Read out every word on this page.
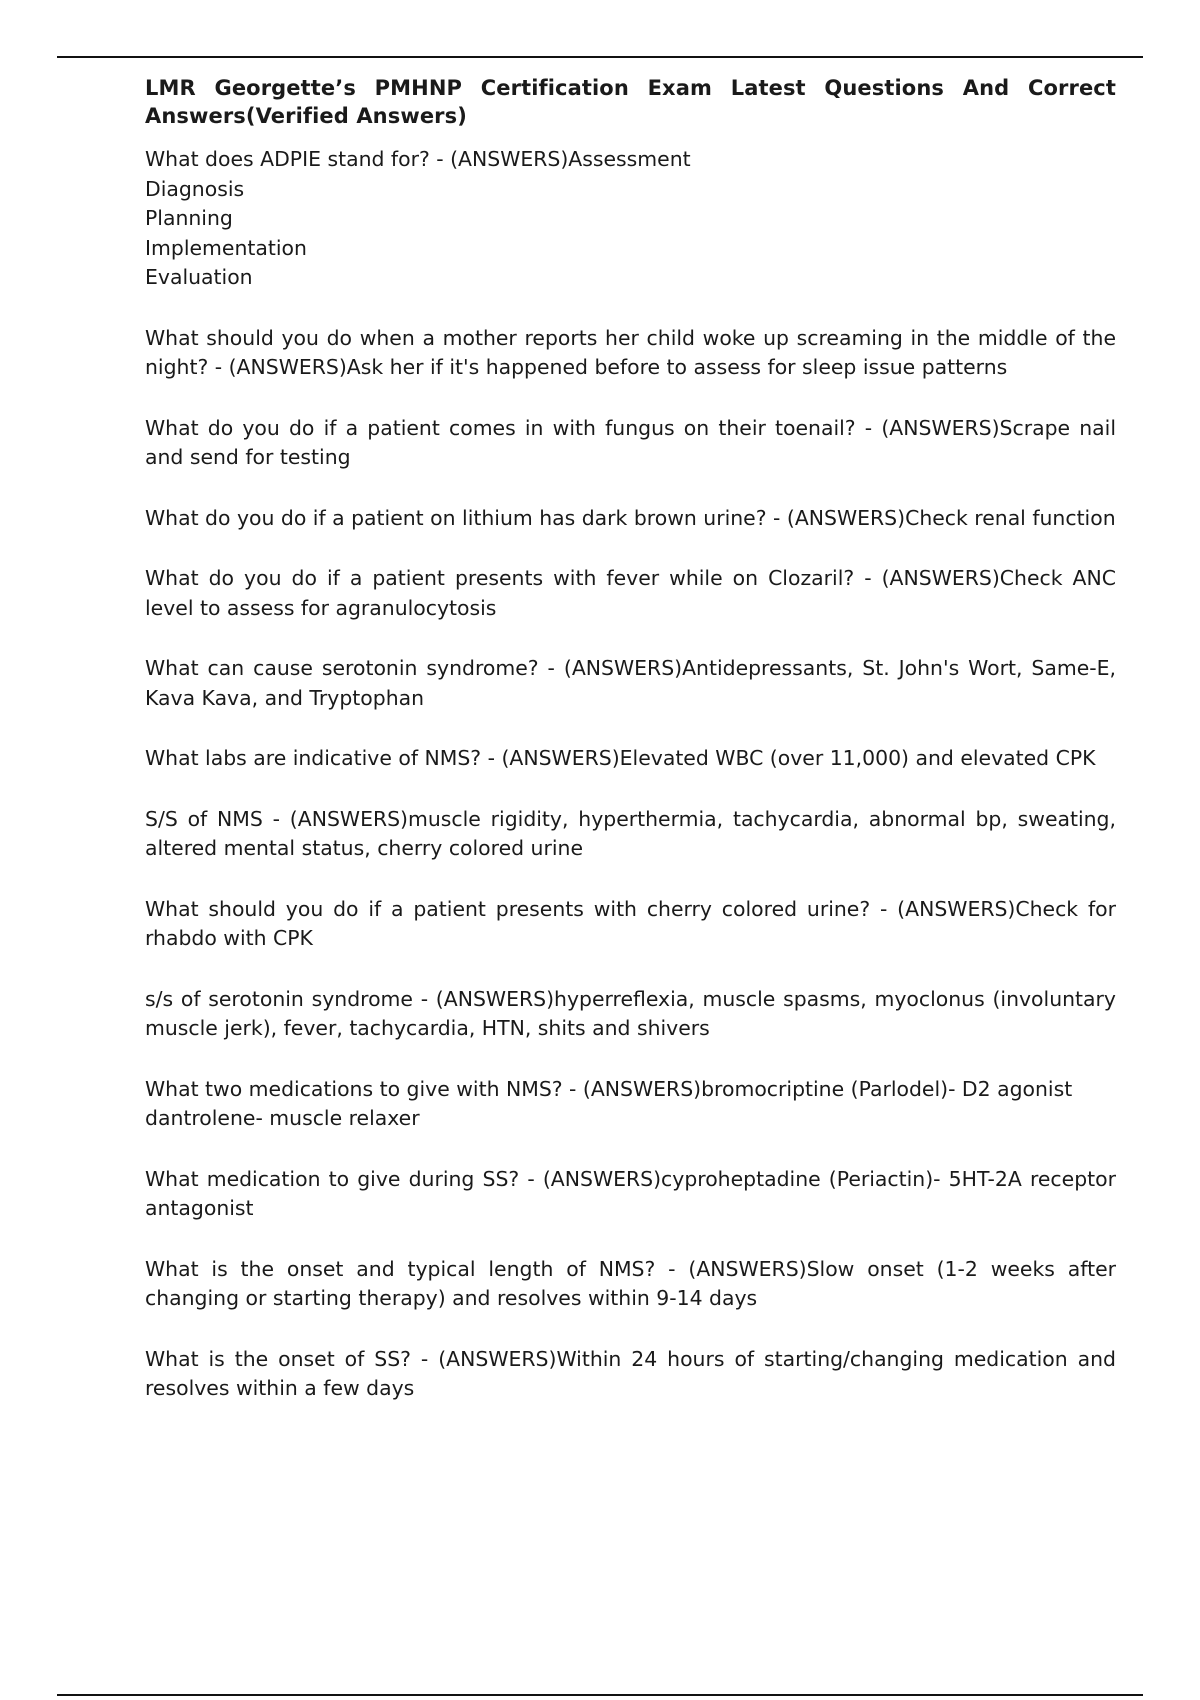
LMR Georgette’s PMHNP Certification Exam Latest Questions And Correct Answers(Verified Answers)
What does ADPIE stand for? - (ANSWERS)Assessment
Diagnosis
Planning
Implementation
Evaluation
What should you do when a mother reports her child woke up screaming in the middle of the night? - (ANSWERS)Ask her if it's happened before to assess for sleep issue patterns
What do you do if a patient comes in with fungus on their toenail? - (ANSWERS)Scrape nail and send for testing
What do you do if a patient on lithium has dark brown urine? - (ANSWERS)Check renal function
What do you do if a patient presents with fever while on Clozaril? - (ANSWERS)Check ANC level to assess for agranulocytosis
What can cause serotonin syndrome? - (ANSWERS)Antidepressants, St. John's Wort, Same-E, Kava Kava, and Tryptophan
What labs are indicative of NMS? - (ANSWERS)Elevated WBC (over 11,000) and elevated CPK
S/S of NMS - (ANSWERS)muscle rigidity, hyperthermia, tachycardia, abnormal bp, sweating, altered mental status, cherry colored urine
What should you do if a patient presents with cherry colored urine? - (ANSWERS)Check for rhabdo with CPK
s/s of serotonin syndrome - (ANSWERS)hyperreflexia, muscle spasms, myoclonus (involuntary muscle jerk), fever, tachycardia, HTN, shits and shivers
What two medications to give with NMS? - (ANSWERS)bromocriptine (Parlodel)- D2 agonist
dantrolene- muscle relaxer
What medication to give during SS? - (ANSWERS)cyproheptadine (Periactin)- 5HT-2A receptor antagonist
What is the onset and typical length of NMS? - (ANSWERS)Slow onset (1-2 weeks after changing or starting therapy) and resolves within 9-14 days
What is the onset of SS? - (ANSWERS)Within 24 hours of starting/changing medication and resolves within a few days
